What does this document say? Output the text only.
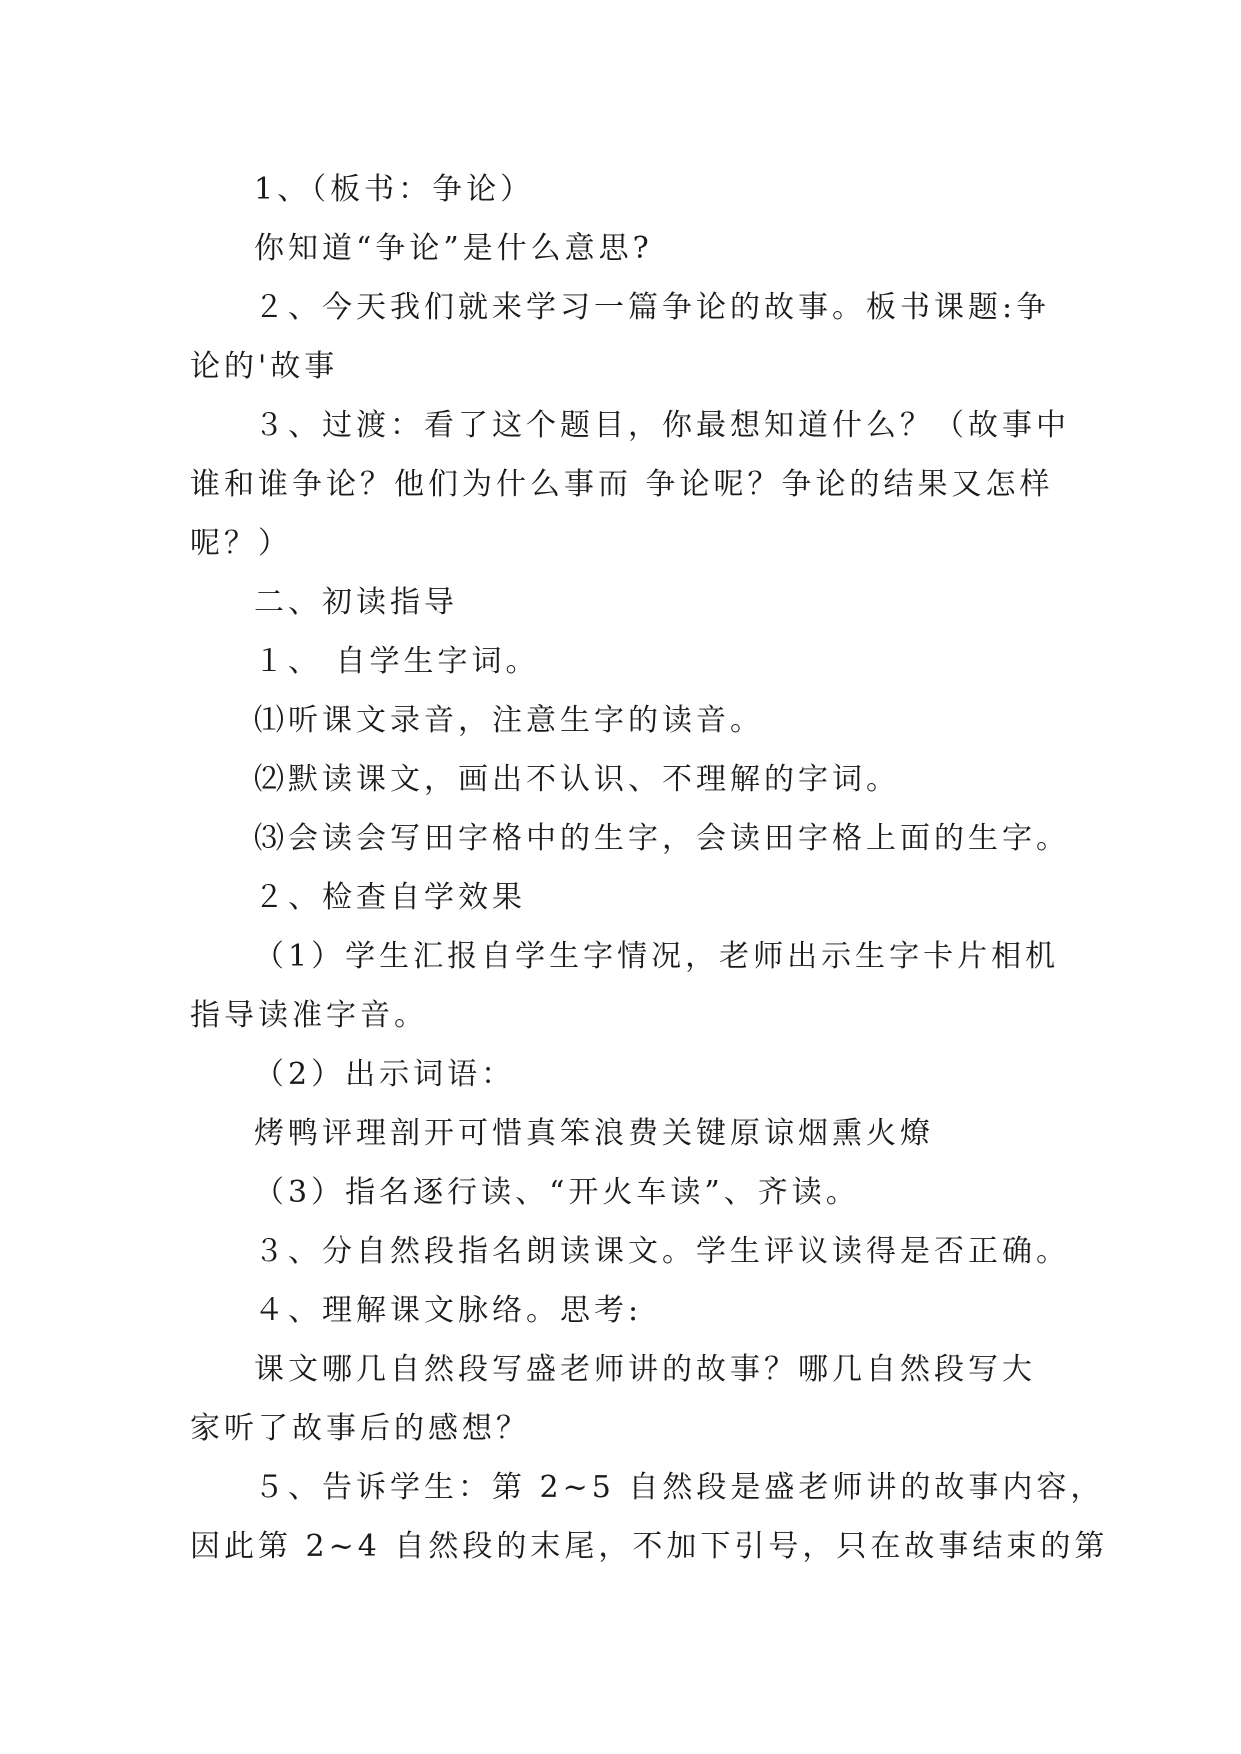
1、（板书：争论）
你知道“争论”是什么意思?
２、今天我们就来学习一篇争论的故事。板书课题:争
论的'故事
３、过渡：看了这个题目，你最想知道什么？（故事中
谁和谁争论？他们为什么事而 争论呢？争论的结果又怎样
呢？）
二、初读指导
１、 自学生字词。
⑴听课文录音，注意生字的读音。
⑵默读课文，画出不认识、不理解的字词。
⑶会读会写田字格中的生字，会读田字格上面的生字。
２、检查自学效果
（1）学生汇报自学生字情况，老师出示生字卡片相机
指导读准字音。
（2）出示词语：
烤鸭评理剖开可惜真笨浪费关键原谅烟熏火燎
（3）指名逐行读、“开火车读”、齐读。
３、分自然段指名朗读课文。学生评议读得是否正确。
４、理解课文脉络。思考:
课文哪几自然段写盛老师讲的故事？哪几自然段写大
家听了故事后的感想？
５、告诉学生：第 2~5 自然段是盛老师讲的故事内容，
因此第 2~4 自然段的末尾，不加下引号，只在故事结束的第
